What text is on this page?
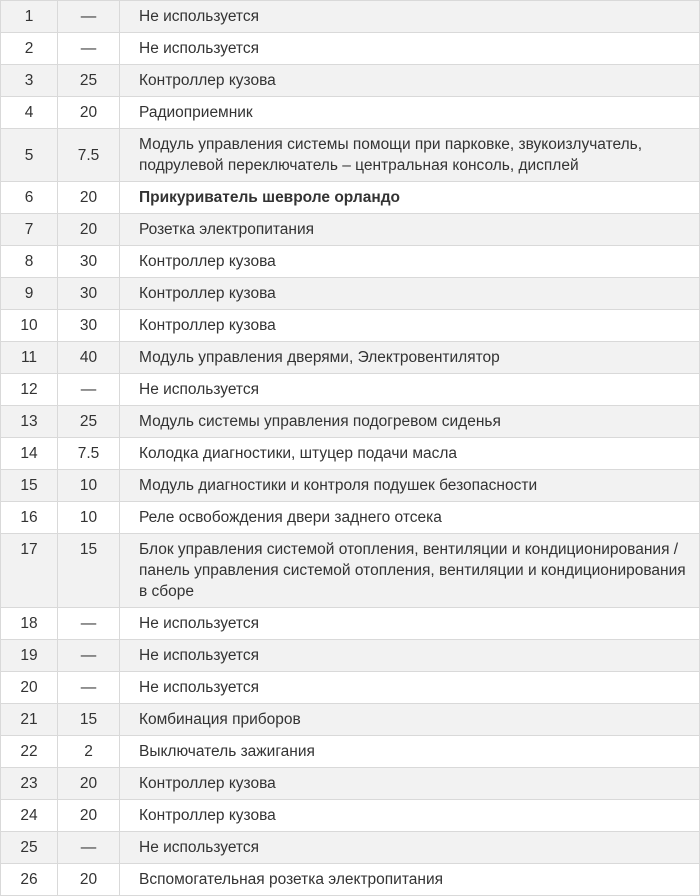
1	—	Не используется
2	—	Не используется
3	25	Контроллер кузова
4	20	Радиоприемник
5	7.5	Модуль управления системы помощи при парковке, звукоизлучатель, подрулевой переключатель – центральная консоль, дисплей
6	20	Прикуриватель шевроле орландо
7	20	Розетка электропитания
8	30	Контроллер кузова
9	30	Контроллер кузова
10	30	Контроллер кузова
11	40	Модуль управления дверями, Электровентилятор
12	—	Не используется
13	25	Модуль системы управления подогревом сиденья
14	7.5	Колодка диагностики, штуцер подачи масла
15	10	Модуль диагностики и контроля подушек безопасности
16	10	Реле освобождения двери заднего отсека
17	15	Блок управления системой отопления, вентиляции и кондиционирования / панель управления системой отопления, вентиляции и кондиционирования в сборе
18	—	Не используется
19	—	Не используется
20	—	Не используется
21	15	Комбинация приборов
22	2	Выключатель зажигания
23	20	Контроллер кузова
24	20	Контроллер кузова
25	—	Не используется
26	20	Вспомогательная розетка электропитания
